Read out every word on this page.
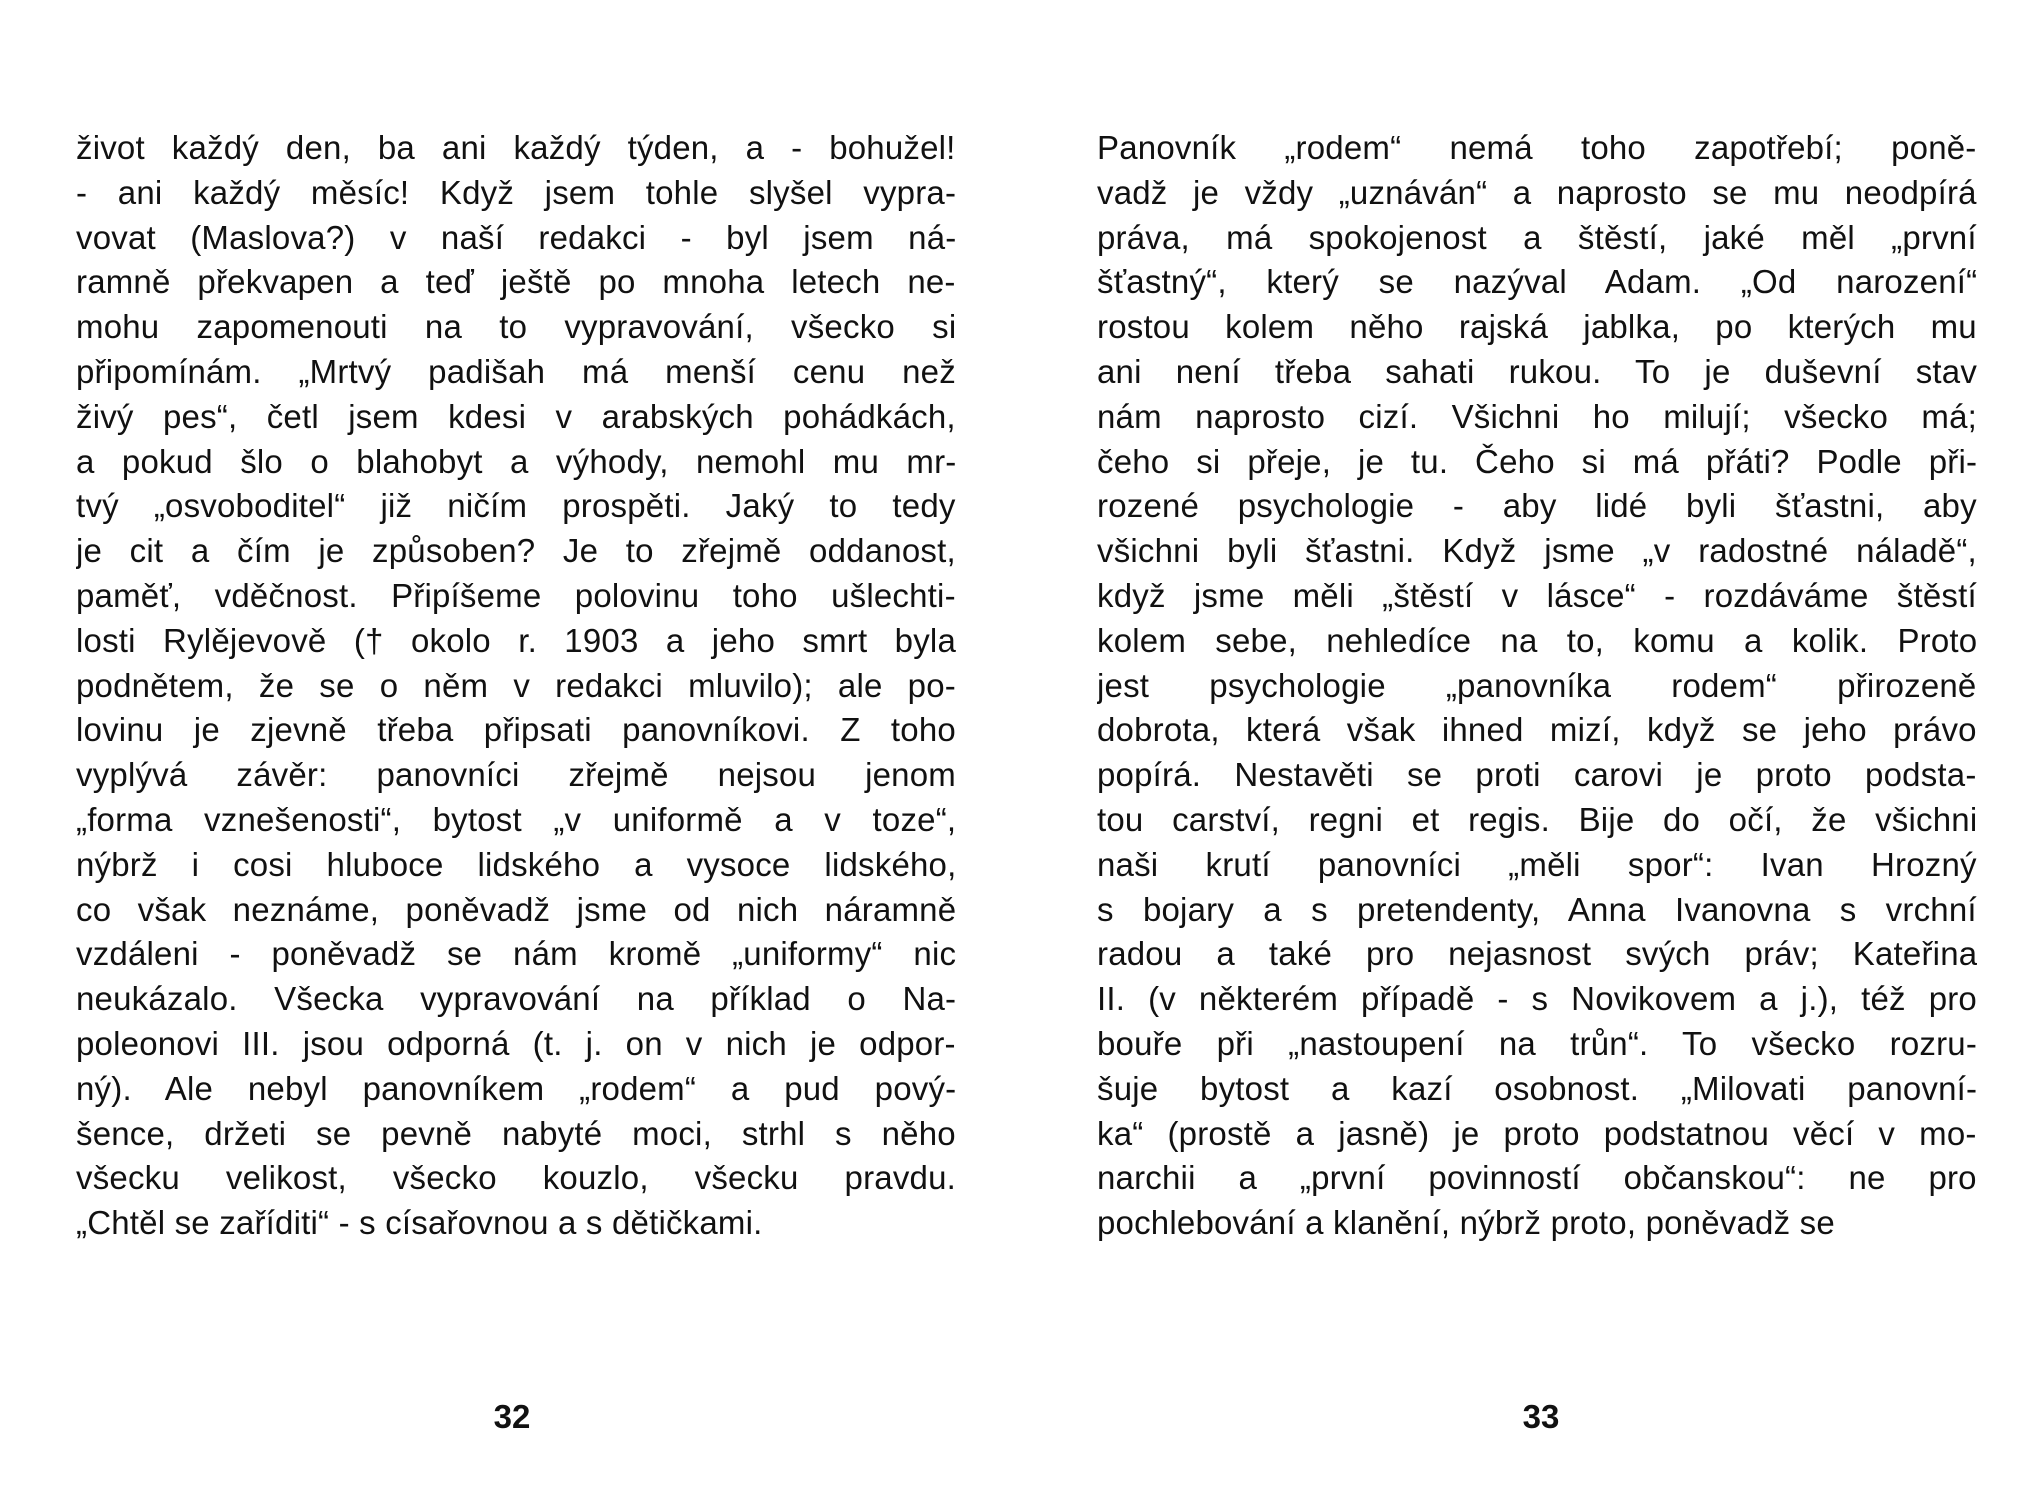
život každý den, ba ani každý týden, a - bohužel!
- ani každý měsíc! Když jsem tohle slyšel vypra-
vovat (Maslova?) v naší redakci - byl jsem ná-
ramně překvapen a teď ještě po mnoha letech ne-
mohu zapomenouti na to vypravování, všecko si
připomínám. „Mrtvý padišah má menší cenu než
živý pes“, četl jsem kdesi v arabských pohádkách,
a pokud šlo o blahobyt a výhody, nemohl mu mr-
tvý „osvoboditel“ již ničím prospěti. Jaký to tedy
je cit a čím je způsoben? Je to zřejmě oddanost,
paměť, vděčnost. Připíšeme polovinu toho ušlechti-
losti Rylějevově († okolo r. 1903 a jeho smrt byla
podnětem, že se o něm v redakci mluvilo); ale po-
lovinu je zjevně třeba připsati panovníkovi. Z toho
vyplývá závěr: panovníci zřejmě nejsou jenom
„forma vznešenosti“, bytost „v uniformě a v toze“,
nýbrž i cosi hluboce lidského a vysoce lidského,
co však neznáme, poněvadž jsme od nich náramně
vzdáleni - poněvadž se nám kromě „uniformy“ nic
neukázalo. Všecka vypravování na příklad o Na-
poleonovi III. jsou odporná (t. j. on v nich je odpor-
ný). Ale nebyl panovníkem „rodem“ a pud pový-
šence, držeti se pevně nabyté moci, strhl s něho
všecku velikost, všecko kouzlo, všecku pravdu.
„Chtěl se zaříditi“ - s císařovnou a s dětičkami.
32
Panovník „rodem“ nemá toho zapotřebí; poně-
vadž je vždy „uznáván“ a naprosto se mu neodpírá
práva, má spokojenost a štěstí, jaké měl „první
šťastný“, který se nazýval Adam. „Od narození“
rostou kolem něho rajská jablka, po kterých mu
ani není třeba sahati rukou. To je duševní stav
nám naprosto cizí. Všichni ho milují; všecko má;
čeho si přeje, je tu. Čeho si má přáti? Podle při-
rozené psychologie - aby lidé byli šťastni, aby
všichni byli šťastni. Když jsme „v radostné náladě“,
když jsme měli „štěstí v lásce“ - rozdáváme štěstí
kolem sebe, nehledíce na to, komu a kolik. Proto
jest psychologie „panovníka rodem“ přirozeně
dobrota, která však ihned mizí, když se jeho právo
popírá. Nestavěti se proti carovi je proto podsta-
tou carství, regni et regis. Bije do očí, že všichni
naši krutí panovníci „měli spor“: Ivan Hrozný
s bojary a s pretendenty, Anna Ivanovna s vrchní
radou a také pro nejasnost svých práv; Kateřina
II. (v některém případě - s Novikovem a j.), též pro
bouře při „nastoupení na trůn“. To všecko rozru-
šuje bytost a kazí osobnost. „Milovati panovní-
ka“ (prostě a jasně) je proto podstatnou věcí v mo-
narchii a „první povinností občanskou“: ne pro
pochlebování a klanění, nýbrž proto, poněvadž se
33
